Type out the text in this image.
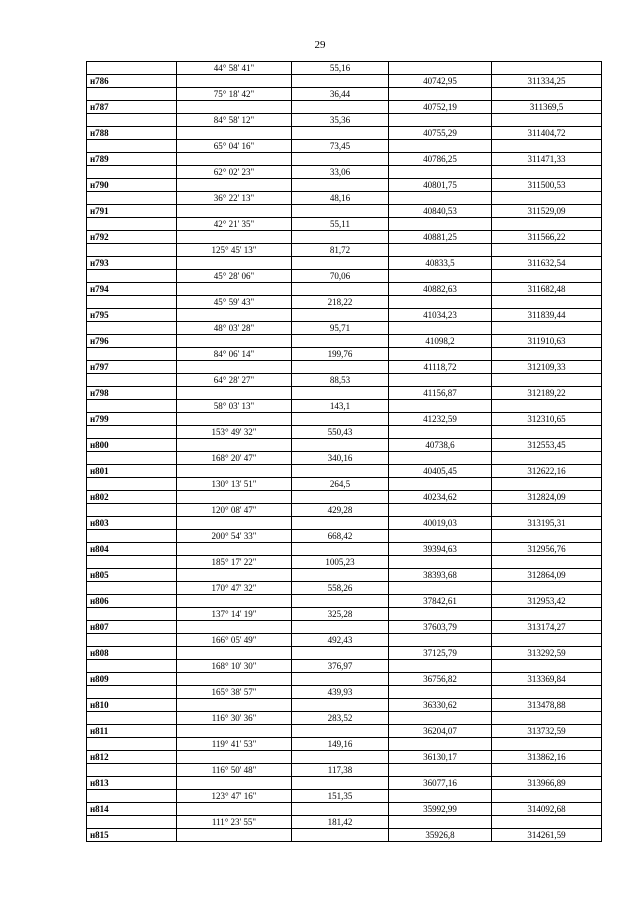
29
	44° 58' 41"	55,16		
н786			40742,95	311334,25
	75° 18' 42"	36,44		
н787			40752,19	311369,5
	84° 58' 12"	35,36		
н788			40755,29	311404,72
	65° 04' 16"	73,45		
н789			40786,25	311471,33
	62° 02' 23"	33,06		
н790			40801,75	311500,53
	36° 22' 13"	48,16		
н791			40840,53	311529,09
	42° 21' 35"	55,11		
н792			40881,25	311566,22
	125° 45' 13"	81,72		
н793			40833,5	311632,54
	45° 28' 06"	70,06		
н794			40882,63	311682,48
	45° 59' 43"	218,22		
н795			41034,23	311839,44
	48° 03' 28"	95,71		
н796			41098,2	311910,63
	84° 06' 14"	199,76		
н797			41118,72	312109,33
	64° 28' 27"	88,53		
н798			41156,87	312189,22
	58° 03' 13"	143,1		
н799			41232,59	312310,65
	153° 49' 32"	550,43		
н800			40738,6	312553,45
	168° 20' 47"	340,16		
н801			40405,45	312622,16
	130° 13' 51"	264,5		
н802			40234,62	312824,09
	120° 08' 47"	429,28		
н803			40019,03	313195,31
	200° 54' 33"	668,42		
н804			39394,63	312956,76
	185° 17' 22"	1005,23		
н805			38393,68	312864,09
	170° 47' 32"	558,26		
н806			37842,61	312953,42
	137° 14' 19"	325,28		
н807			37603,79	313174,27
	166° 05' 49"	492,43		
н808			37125,79	313292,59
	168° 10' 30"	376,97		
н809			36756,82	313369,84
	165° 38' 57"	439,93		
н810			36330,62	313478,88
	116° 30' 36"	283,52		
н811			36204,07	313732,59
	119° 41' 53"	149,16		
н812			36130,17	313862,16
	116° 50' 48"	117,38		
н813			36077,16	313966,89
	123° 47' 16"	151,35		
н814			35992,99	314092,68
	111° 23' 55"	181,42		
н815			35926,8	314261,59
